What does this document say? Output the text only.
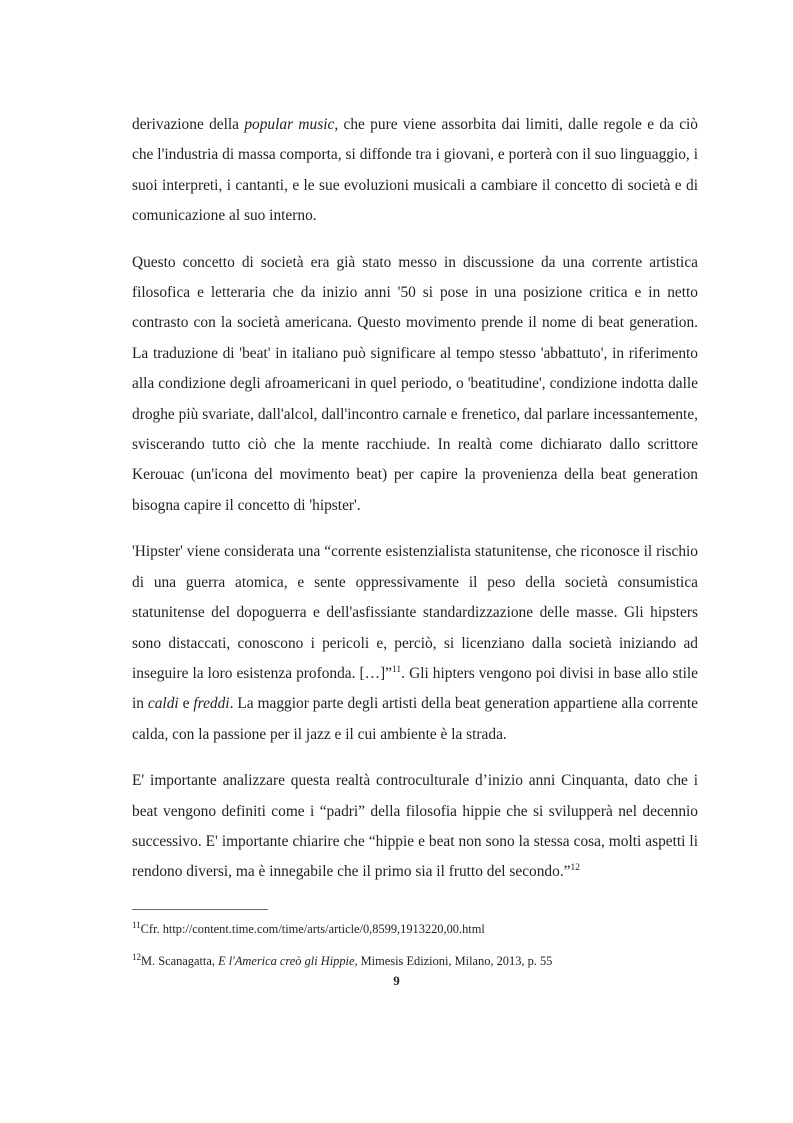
derivazione della popular music, che pure viene assorbita dai limiti, dalle regole e da ciò che l'industria di massa comporta, si diffonde tra i giovani, e porterà con il suo linguaggio, i suoi interpreti, i cantanti, e le sue evoluzioni musicali a cambiare il concetto di società e di comunicazione al suo interno.

Questo concetto di società era già stato messo in discussione da una corrente artistica filosofica e letteraria che da inizio anni '50 si pose in una posizione critica e in netto contrasto con la società americana. Questo movimento prende il nome di beat generation. La traduzione di 'beat' in italiano può significare al tempo stesso 'abbattuto', in riferimento alla condizione degli afroamericani in quel periodo, o 'beatitudine', condizione indotta dalle droghe più svariate, dall'alcol, dall'incontro carnale e frenetico, dal parlare incessantemente, sviscerando tutto ciò che la mente racchiude. In realtà come dichiarato dallo scrittore Kerouac (un'icona del movimento beat) per capire la provenienza della beat generation bisogna capire il concetto di 'hipster'.

'Hipster' viene considerata una “corrente esistenzialista statunitense, che riconosce il rischio di una guerra atomica, e sente oppressivamente il peso della società consumistica statunitense del dopoguerra e dell'asfissiante standardizzazione delle masse. Gli hipsters sono distaccati, conoscono i pericoli e, perciò, si licenziano dalla società iniziando ad inseguire la loro esistenza profonda. […]”$^{11}$. Gli hipters vengono poi divisi in base allo stile in caldi e freddi. La maggior parte degli artisti della beat generation appartiene alla corrente calda, con la passione per il jazz e il cui ambiente è la strada.

E' importante analizzare questa realtà controculturale d’inizio anni Cinquanta, dato che i beat vengono definiti come i “padri” della filosofia hippie che si svilupperà nel decennio successivo. E' importante chiarire che “hippie e beat non sono la stessa cosa, molti aspetti li rendono diversi, ma è innegabile che il primo sia il frutto del secondo.”$^{12}$

$^{11}$Cfr. http://content.time.com/time/arts/article/0,8599,1913220,00.html
$^{12}$M. Scanagatta, E l'America creò gli Hippie, Mimesis Edizioni, Milano, 2013, p. 55
9
